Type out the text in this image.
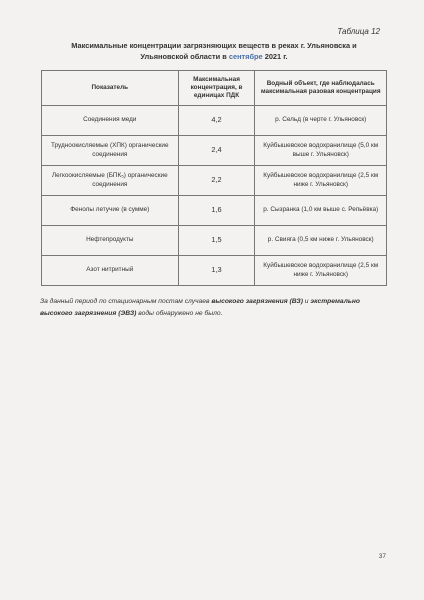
Таблица 12
Максимальные концентрации загрязняющих веществ в реках г. Ульяновска и Ульяновской области в сентябре 2021 г.
Показатель	Максимальная концентрация, в единицах ПДК	Водный объект, где наблюдалась максимальная разовая концентрация
Соединения меди	4,2	р. Сельд (в черте г. Ульяновск)
Трудноокисляемые (ХПК) органические соединения	2,4	Куйбышевское водохранилище (5,0 км выше г. Ульяновск)
Легкоокисляемые (БПК₅) органические соединения	2,2	Куйбышевское водохранилище (2,5 км ниже г. Ульяновск)
Фенолы летучие (в сумме)	1,6	р. Сызранка (1,0 км выше с. Репьёвка)
Нефтепродукты	1,5	р. Свияга (0,5 км ниже г. Ульяновск)
Азот нитритный	1,3	Куйбышевское водохранилище (2,5 км ниже г. Ульяновск)
За данный период по стационарным постам случаев высокого загрязнения (ВЗ) и экстремально высокого загрязнения (ЭВЗ) воды обнаружено не было.
37
